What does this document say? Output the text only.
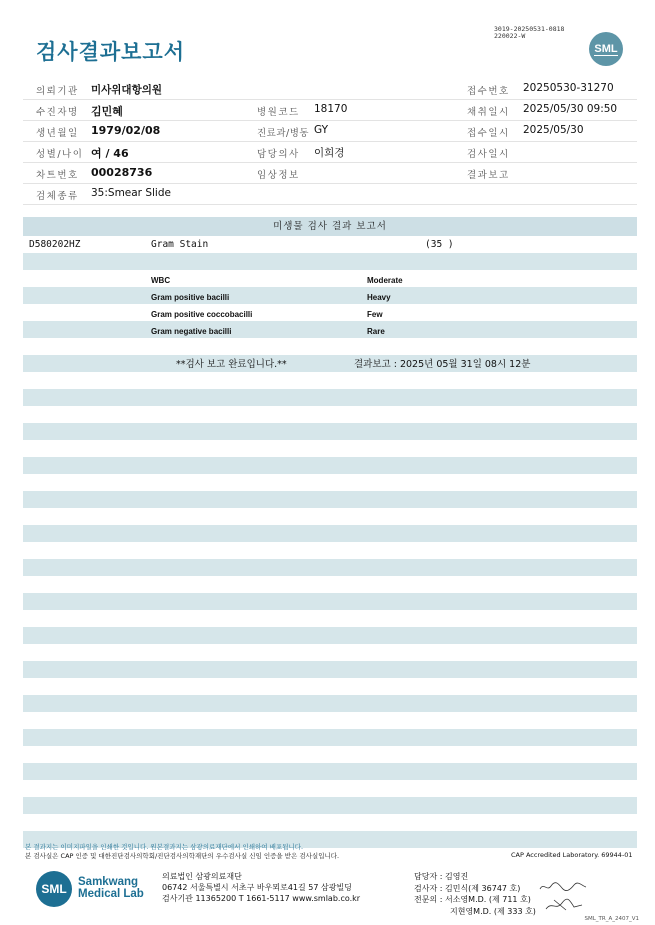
검사결과보고서
3019-20250531-0818
220022-W
SML
의뢰기관 미사위대항의원	접수번호 20250530-31270
수진자명 김민혜	병원코드 18170	채취일시 2025/05/30 09:50
생년월일 1979/02/08	진료과/병동 GY	접수일시 2025/05/30
성별/나이 여 / 46	담당의사 이희경	검사일시
차트번호 00028736	임상정보	결과보고
검체종류 35:Smear Slide
미생물 검사 결과 보고서
D580202HZ	Gram Stain	(35 )
WBC	Moderate
Gram positive bacilli	Heavy
Gram positive coccobacilli	Few
Gram negative bacilli	Rare
**검사 보고 완료입니다.**	결과보고 : 2025년 05월 31일 08시 12분
본 결과지는 이미지파일을 인쇄한 것입니다. 원본결과지는 삼광의료재단에서 인쇄하여 배포됩니다.
본 검사실은 CAP 인증 및 대한진단검사의학회/진단검사의학재단의 우수검사실 신임 인증을 받은 검사실입니다.	CAP Accredited Laboratory. 69944-01
SML Samkwang
Medical Lab
의료법인 삼광의료재단
06742 서울특별시 서초구 바우뫼로41길 57 삼광빌딩
검사기관 11365200 T 1661-5117 www.smlab.co.kr
담당자 : 김영진
검사자 : 김민식(제 36747 호)
전문의 : 서소영M.D. (제 711 호)
지현영M.D. (제 333 호)
SML_TR_A_2407_V1
